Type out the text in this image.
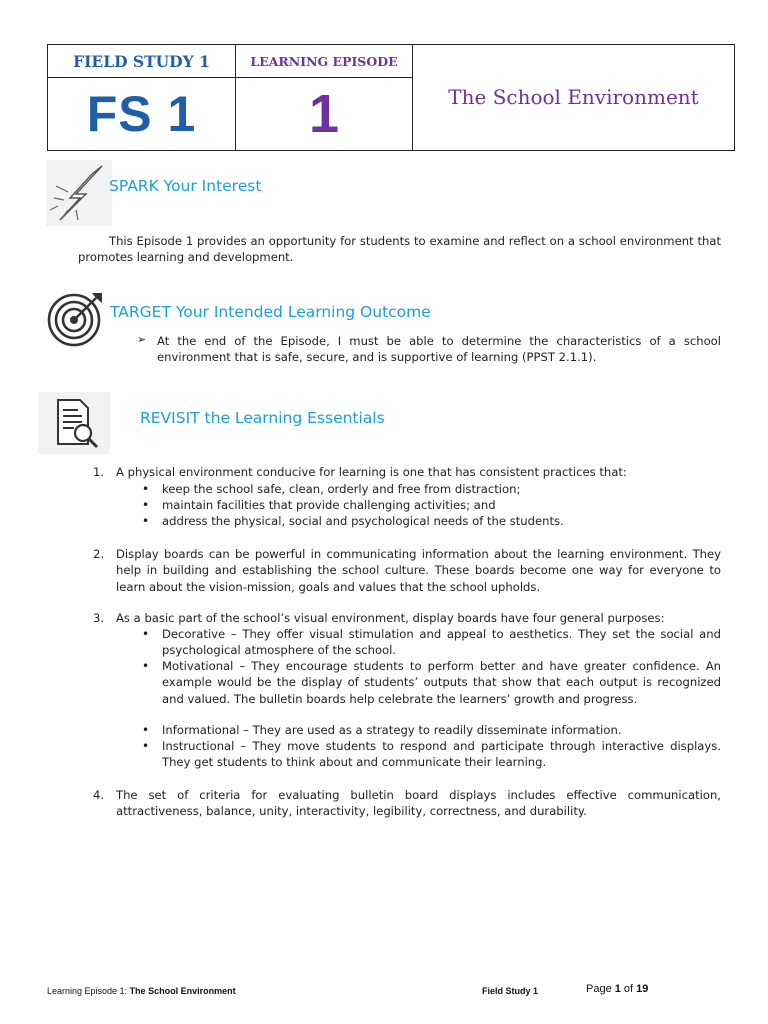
FIELD STUDY 1	LEARNING EPISODE
FS 1	1	The School Environment
SPARK Your Interest
This Episode 1 provides an opportunity for students to examine and reflect on a school environment that promotes learning and development.
TARGET Your Intended Learning Outcome
➢ At the end of the Episode, I must be able to determine the characteristics of a school environment that is safe, secure, and is supportive of learning (PPST 2.1.1).
REVISIT the Learning Essentials
1. A physical environment conducive for learning is one that has consistent practices that:
• keep the school safe, clean, orderly and free from distraction;
• maintain facilities that provide challenging activities; and
• address the physical, social and psychological needs of the students.
2. Display boards can be powerful in communicating information about the learning environment. They help in building and establishing the school culture. These boards become one way for everyone to learn about the vision-mission, goals and values that the school upholds.
3. As a basic part of the school’s visual environment, display boards have four general purposes:
• Decorative – They offer visual stimulation and appeal to aesthetics. They set the social and psychological atmosphere of the school.
• Motivational – They encourage students to perform better and have greater confidence. An example would be the display of students’ outputs that show that each output is recognized and valued. The bulletin boards help celebrate the learners’ growth and progress.
• Informational – They are used as a strategy to readily disseminate information.
• Instructional – They move students to respond and participate through interactive displays. They get students to think about and communicate their learning.
4. The set of criteria for evaluating bulletin board displays includes effective communication, attractiveness, balance, unity, interactivity, legibility, correctness, and durability.
Learning Episode 1: The School Environment	Field Study 1	Page 1 of 19
